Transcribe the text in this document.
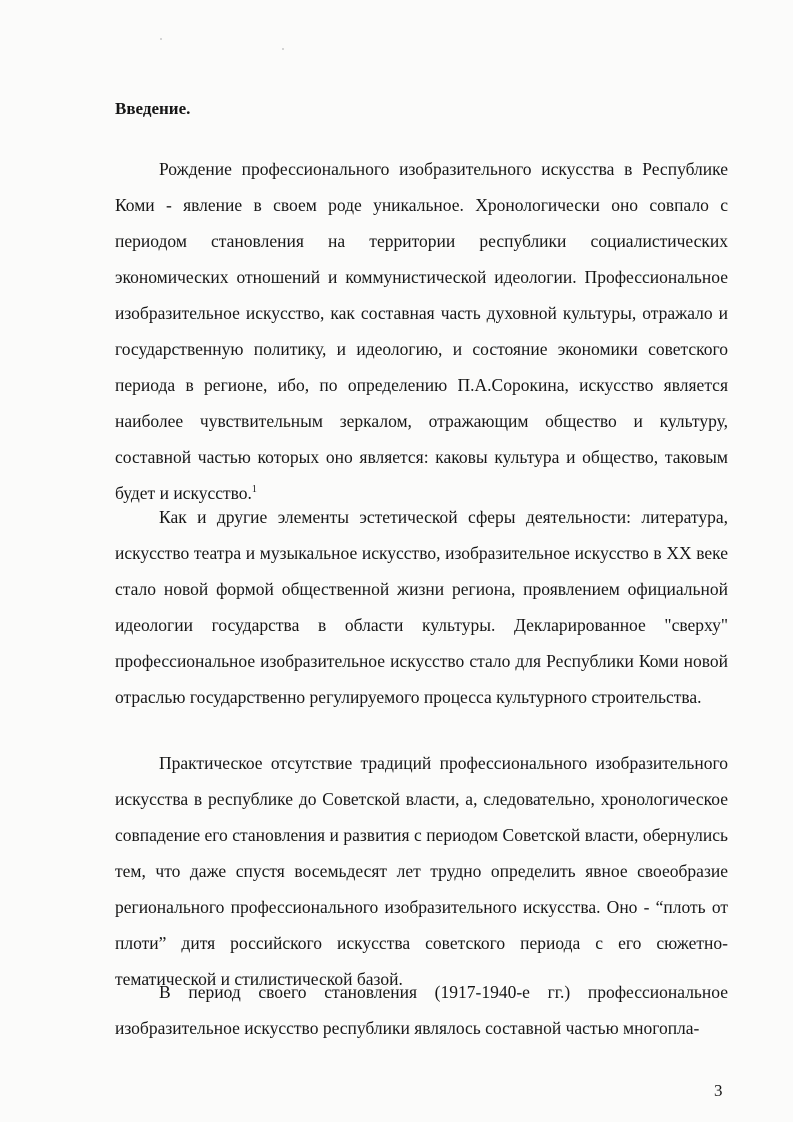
Введение.

Рождение профессионального изобразительного искусства в Республике Коми - явление в своем роде уникальное. Хронологически оно совпало с периодом становления на территории республики социалистических экономических отношений и коммунистической идеологии. Профессиональное изобразительное искусство, как составная часть духовной культуры, отражало и государственную политику, и идеологию, и состояние экономики советского периода в регионе, ибо, по определению П.А.Сорокина, искусство является наиболее чувствительным зеркалом, отражающим общество и культуру, составной частью которых оно является: каковы культура и общество, таковым будет и искусство.$^1$

Как и другие элементы эстетической сферы деятельности: литература, искусство театра и музыкальное искусство, изобразительное искусство в XX веке стало новой формой общественной жизни региона, проявлением официальной идеологии государства в области культуры. Декларированное "сверху" профессиональное изобразительное искусство стало для Республики Коми новой отраслью государственно регулируемого процесса культурного строительства.

Практическое отсутствие традиций профессионального изобразительного искусства в республике до Советской власти, а, следовательно, хронологическое совпадение его становления и развития с периодом Советской власти, обернулись тем, что даже спустя восемьдесят лет трудно определить явное своеобразие регионального профессионального изобразительного искусства. Оно - “плоть от плоти” дитя российского искусства советского периода с его сюжетно-тематической и стилистической базой.

В период своего становления (1917-1940-е гг.) профессиональное изобразительное искусство республики являлось составной частью многопла-

3
